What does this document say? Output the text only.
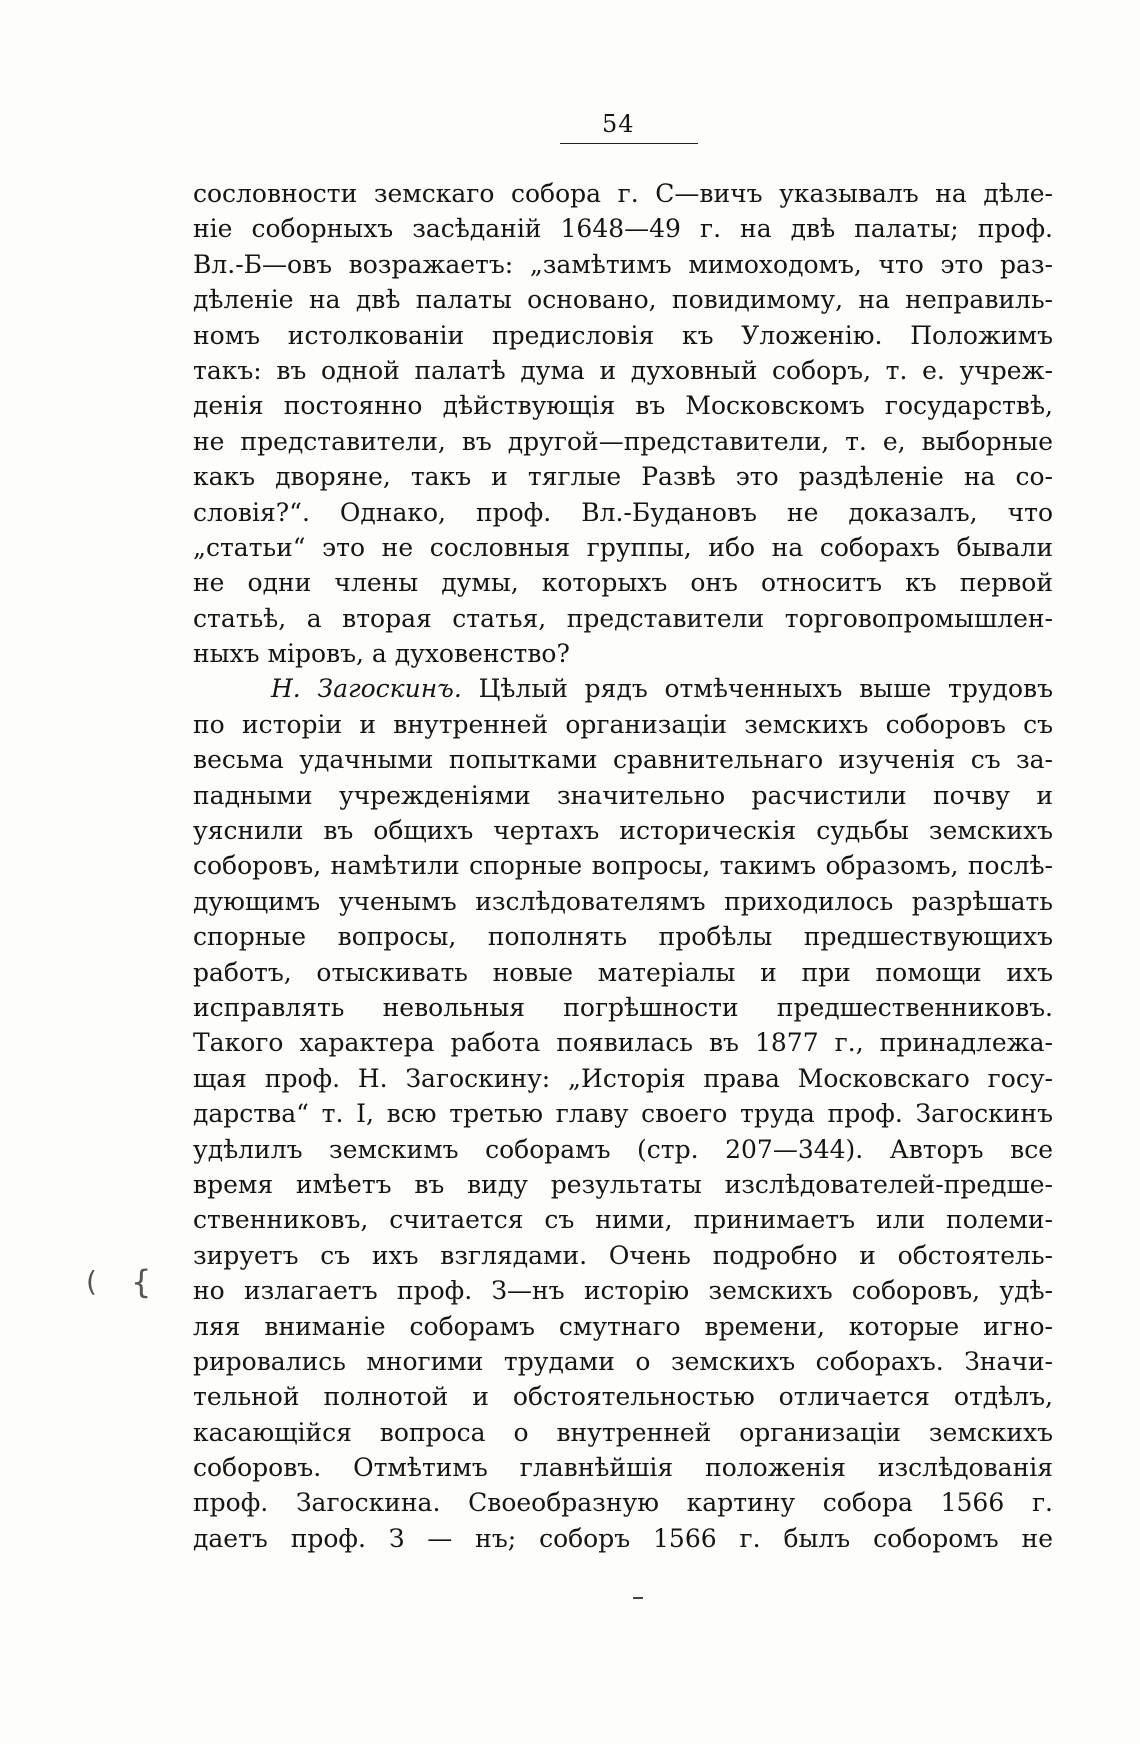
54
сословности земскаго собора г. С—вичъ указывалъ на дѣле-
ніе соборныхъ засѣданій 1648—49 г. на двѣ палаты; проф.
Вл.-Б—овъ возражаетъ: „замѣтимъ мимоходомъ, что это раз-
дѣленіе на двѣ палаты основано, повидимому, на неправиль-
номъ истолкованіи предисловія къ Уложенію. Положимъ
такъ: въ одной палатѣ дума и духовный соборъ, т. е. учреж-
денія постоянно дѣйствующія въ Московскомъ государствѣ,
не представители, въ другой—представители, т. е, выборные
какъ дворяне, такъ и тяглые Развѣ это раздѣленіе на со-
словія?“. Однако, проф. Вл.-Будановъ не доказалъ, что
„статьи“ это не сословныя группы, ибо на соборахъ бывали
не одни члены думы, которыхъ онъ относитъ къ первой
статьѣ, а вторая статья, представители торговопромышлен-
ныхъ міровъ, а духовенство?
Н. Загоскинъ. Цѣлый рядъ отмѣченныхъ выше трудовъ
по исторіи и внутренней организаціи земскихъ соборовъ съ
весьма удачными попытками сравнительнаго изученія съ за-
падными учрежденіями значительно расчистили почву и
уяснили въ общихъ чертахъ историческія судьбы земскихъ
соборовъ, намѣтили спорные вопросы, такимъ образомъ, послѣ-
дующимъ ученымъ изслѣдователямъ приходилось разрѣшать
спорные вопросы, пополнять пробѣлы предшествующихъ
работъ, отыскивать новые матеріалы и при помощи ихъ
исправлять невольныя погрѣшности предшественниковъ.
Такого характера работа появилась въ 1877 г., принадлежа-
щая проф. Н. Загоскину: „Исторія права Московскаго госу-
дарства“ т. I, всю третью главу своего труда проф. Загоскинъ
удѣлилъ земскимъ соборамъ (стр. 207—344). Авторъ все
время имѣетъ въ виду результаты изслѣдователей-предше-
ственниковъ, считается съ ними, принимаетъ или полеми-
зируетъ съ ихъ взглядами. Очень подробно и обстоятель-
но излагаетъ проф. З—нъ исторію земскихъ соборовъ, удѣ-
ляя вниманіе соборамъ смутнаго времени, которые игно-
рировались многими трудами о земскихъ соборахъ. Значи-
тельной полнотой и обстоятельностью отличается отдѣлъ,
касающійся вопроса о внутренней организаціи земскихъ
соборовъ. Отмѣтимъ главнѣйшія положенія изслѣдованія
проф. Загоскина. Своеобразную картину собора 1566 г.
даетъ проф. З — нъ; соборъ 1566 г. былъ соборомъ не
( {
